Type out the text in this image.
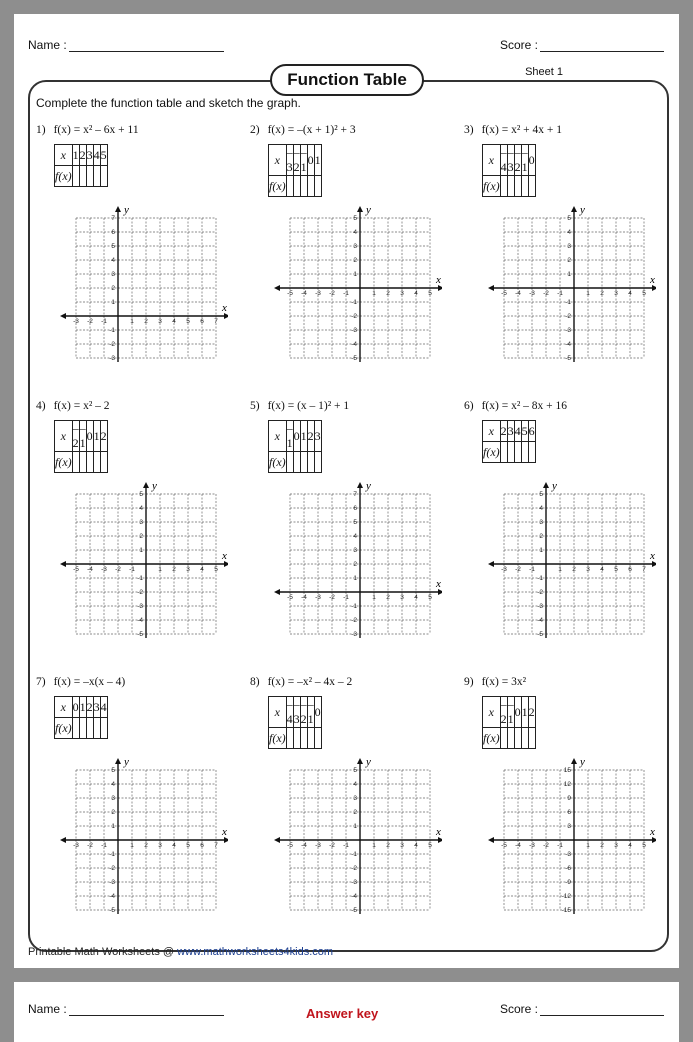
Name :	Score :
Function Table	Sheet 1
Complete the function table and sketch the graph.
1) f(x) = x² – 6x + 11
x	1	2	3	4	5
f(x)					
x
y
-3 -2 -1	1 2 3 4 5 6 7
7
6
5
4
3
2
1
-1
-2
-3
2) f(x) = –(x + 1)² + 3
x	–3	–2	–1	0	1
f(x)					
x
y
-5 -4 -3 -2 -1	1 2 3 4 5
5
4
3
2
1
-1
-2
-3
-4
-5
3) f(x) = x² + 4x + 1
x	–4	–3	–2	–1	0
f(x)					
x
y
-5 -4 -3 -2 -1	1 2 3 4 5
5
4
3
2
1
-1
-2
-3
-4
-5
4) f(x) = x² – 2
x	–2	–1	0	1	2
f(x)					
x
y
-5 -4 -3 -2 -1	1 2 3 4 5
5
4
3
2
1
-1
-2
-3
-4
-5
5) f(x) = (x – 1)² + 1
x	–1	0	1	2	3
f(x)					
x
y
-5 -4 -3 -2 -1	1 2 3 4 5
7
6
5
4
3
2
1
-1
-2
-3
6) f(x) = x² – 8x + 16
x	2	3	4	5	6
f(x)					
x
y
-3 -2 -1	1 2 3 4 5 6 7
5
4
3
2
1
-1
-2
-3
-4
-5
7) f(x) = –x(x – 4)
x	0	1	2	3	4
f(x)					
x
y
-3 -2 -1	1 2 3 4 5 6 7
5
4
3
2
1
-1
-2
-3
-4
-5
8) f(x) = –x² – 4x – 2
x	–4	–3	–2	–1	0
f(x)					
x
y
-5 -4 -3 -2 -1	1 2 3 4 5
5
4
3
2
1
-1
-2
-3
-4
-5
9) f(x) = 3x²
x	–2	–1	0	1	2
f(x)					
x
y
-5 -4 -3 -2 -1	1 2 3 4 5
15
12
9
6
3
-3
-6
-9
-12
-15
Printable Math Worksheets @ www.mathworksheets4kids.com
Name :	Answer key	Score :
